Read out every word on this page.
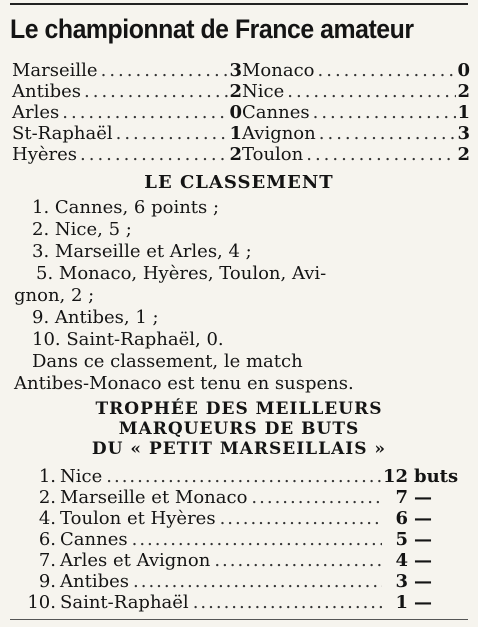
Le championnat de France amateur
Marseille .....	3 Monaco .....	0
Antibes .....	2 Nice .....	2
Arles .....	0 Cannes .....	1
St-Raphaël .....	1 Avignon .....	3
Hyères .....	2 Toulon .....	2
LE CLASSEMENT
1. Cannes, 6 points ;
2. Nice, 5 ;
3. Marseille et Arles, 4 ;
5. Monaco, Hyères, Toulon, Avi-
gnon, 2 ;
9. Antibes, 1 ;
10. Saint-Raphaël, 0.
Dans ce classement, le match
Antibes-Monaco est tenu en suspens.
TROPHÉE DES MEILLEURS
MARQUEURS DE BUTS
DU « PETIT MARSEILLAIS »
1. Nice .....	12 buts
2. Marseille et Monaco .....	7 —
4. Toulon et Hyères .....	6 —
6. Cannes .....	5 —
7. Arles et Avignon .....	4 —
9. Antibes .....	3 —
10. Saint-Raphaël .....	1 —
